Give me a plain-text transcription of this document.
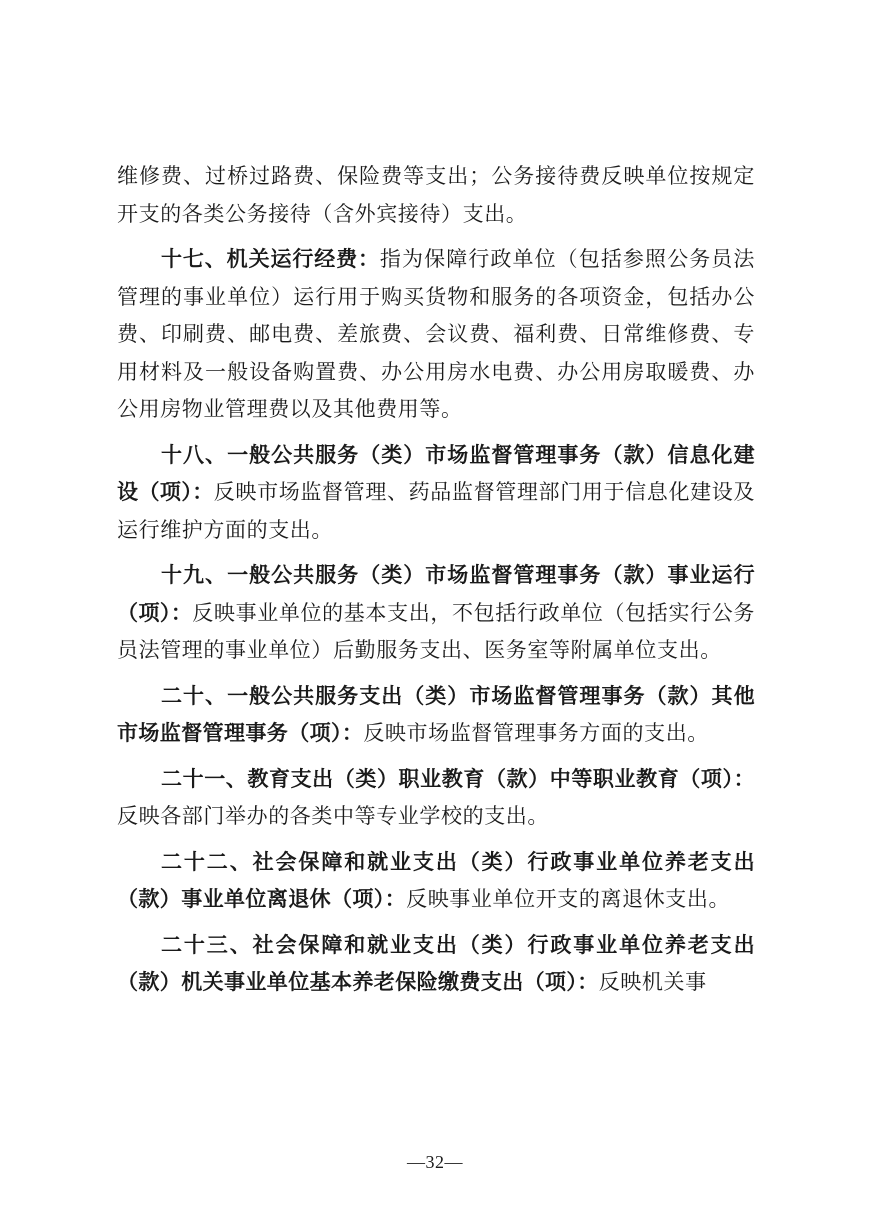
维修费、过桥过路费、保险费等支出；公务接待费反映单位按规定开支的各类公务接待（含外宾接待）支出。

十七、机关运行经费：指为保障行政单位（包括参照公务员法管理的事业单位）运行用于购买货物和服务的各项资金，包括办公费、印刷费、邮电费、差旅费、会议费、福利费、日常维修费、专用材料及一般设备购置费、办公用房水电费、办公用房取暖费、办公用房物业管理费以及其他费用等。

十八、一般公共服务（类）市场监督管理事务（款）信息化建设（项）：反映市场监督管理、药品监督管理部门用于信息化建设及运行维护方面的支出。

十九、一般公共服务（类）市场监督管理事务（款）事业运行（项）：反映事业单位的基本支出，不包括行政单位（包括实行公务员法管理的事业单位）后勤服务支出、医务室等附属单位支出。

二十、一般公共服务支出（类）市场监督管理事务（款）其他市场监督管理事务（项）：反映市场监督管理事务方面的支出。

二十一、教育支出（类）职业教育（款）中等职业教育（项）：反映各部门举办的各类中等专业学校的支出。

二十二、社会保障和就业支出（类）行政事业单位养老支出（款）事业单位离退休（项）：反映事业单位开支的离退休支出。

二十三、社会保障和就业支出（类）行政事业单位养老支出（款）机关事业单位基本养老保险缴费支出（项）：反映机关事

—32—
